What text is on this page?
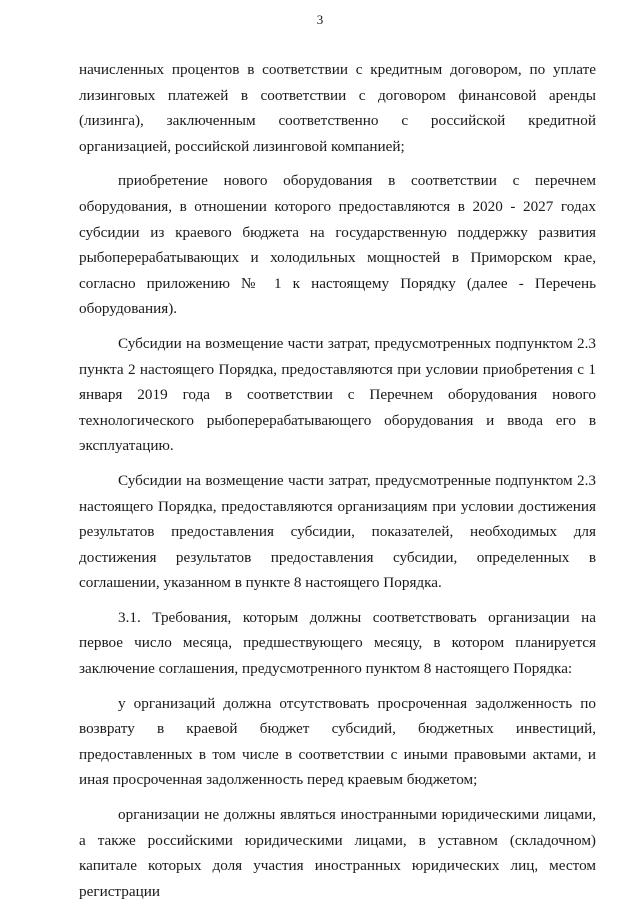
3

начисленных процентов в соответствии с кредитным договором, по уплате лизинговых платежей в соответствии с договором финансовой аренды (лизинга), заключенным соответственно с российской кредитной организацией, российской лизинговой компанией;

приобретение нового оборудования в соответствии с перечнем оборудования, в отношении которого предоставляются в 2020 - 2027 годах субсидии из краевого бюджета на государственную поддержку развития рыбоперерабатывающих и холодильных мощностей в Приморском крае, согласно приложению № 1 к настоящему Порядку (далее - Перечень оборудования).

Субсидии на возмещение части затрат, предусмотренных подпунктом 2.3 пункта 2 настоящего Порядка, предоставляются при условии приобретения с 1 января 2019 года в соответствии с Перечнем оборудования нового технологического рыбоперерабатывающего оборудования и ввода его в эксплуатацию.

Субсидии на возмещение части затрат, предусмотренные подпунктом 2.3 настоящего Порядка, предоставляются организациям при условии достижения результатов предоставления субсидии, показателей, необходимых для достижения результатов предоставления субсидии, определенных в соглашении, указанном в пункте 8 настоящего Порядка.

3.1. Требования, которым должны соответствовать организации на первое число месяца, предшествующего месяцу, в котором планируется заключение соглашения, предусмотренного пунктом 8 настоящего Порядка:

у организаций должна отсутствовать просроченная задолженность по возврату в краевой бюджет субсидий, бюджетных инвестиций, предоставленных в том числе в соответствии с иными правовыми актами, и иная просроченная задолженность перед краевым бюджетом;

организации не должны являться иностранными юридическими лицами, а также российскими юридическими лицами, в уставном (складочном) капитале которых доля участия иностранных юридических лиц, местом регистрации
